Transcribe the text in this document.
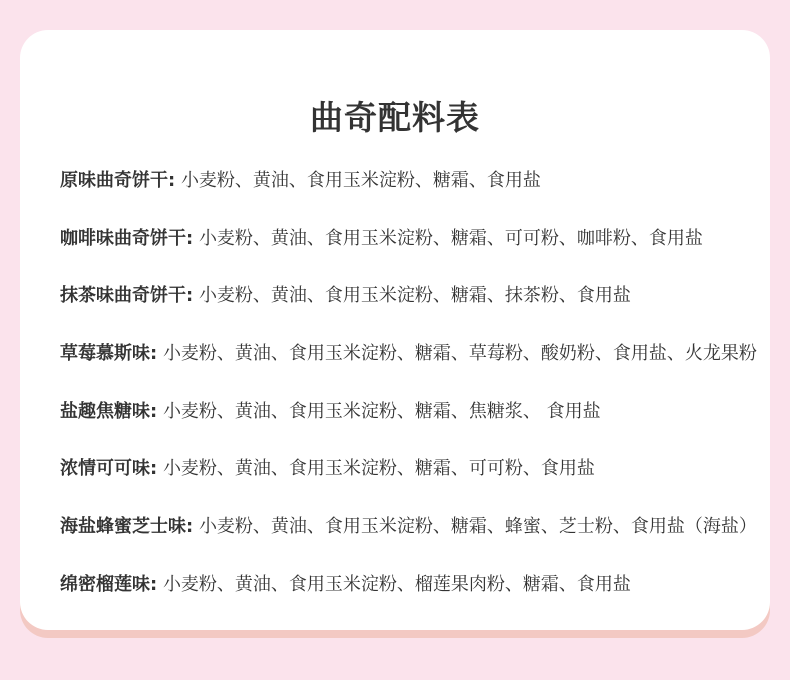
曲奇配料表
原味曲奇饼干: 小麦粉、黄油、食用玉米淀粉、糖霜、食用盐
咖啡味曲奇饼干: 小麦粉、黄油、食用玉米淀粉、糖霜、可可粉、咖啡粉、食用盐
抹茶味曲奇饼干: 小麦粉、黄油、食用玉米淀粉、糖霜、抹茶粉、食用盐
草莓慕斯味: 小麦粉、黄油、食用玉米淀粉、糖霜、草莓粉、酸奶粉、食用盐、火龙果粉
盐趣焦糖味: 小麦粉、黄油、食用玉米淀粉、糖霜、焦糖浆、 食用盐
浓情可可味: 小麦粉、黄油、食用玉米淀粉、糖霜、可可粉、食用盐
海盐蜂蜜芝士味: 小麦粉、黄油、食用玉米淀粉、糖霜、蜂蜜、芝士粉、食用盐（海盐）
绵密榴莲味: 小麦粉、黄油、食用玉米淀粉、榴莲果肉粉、糖霜、食用盐
